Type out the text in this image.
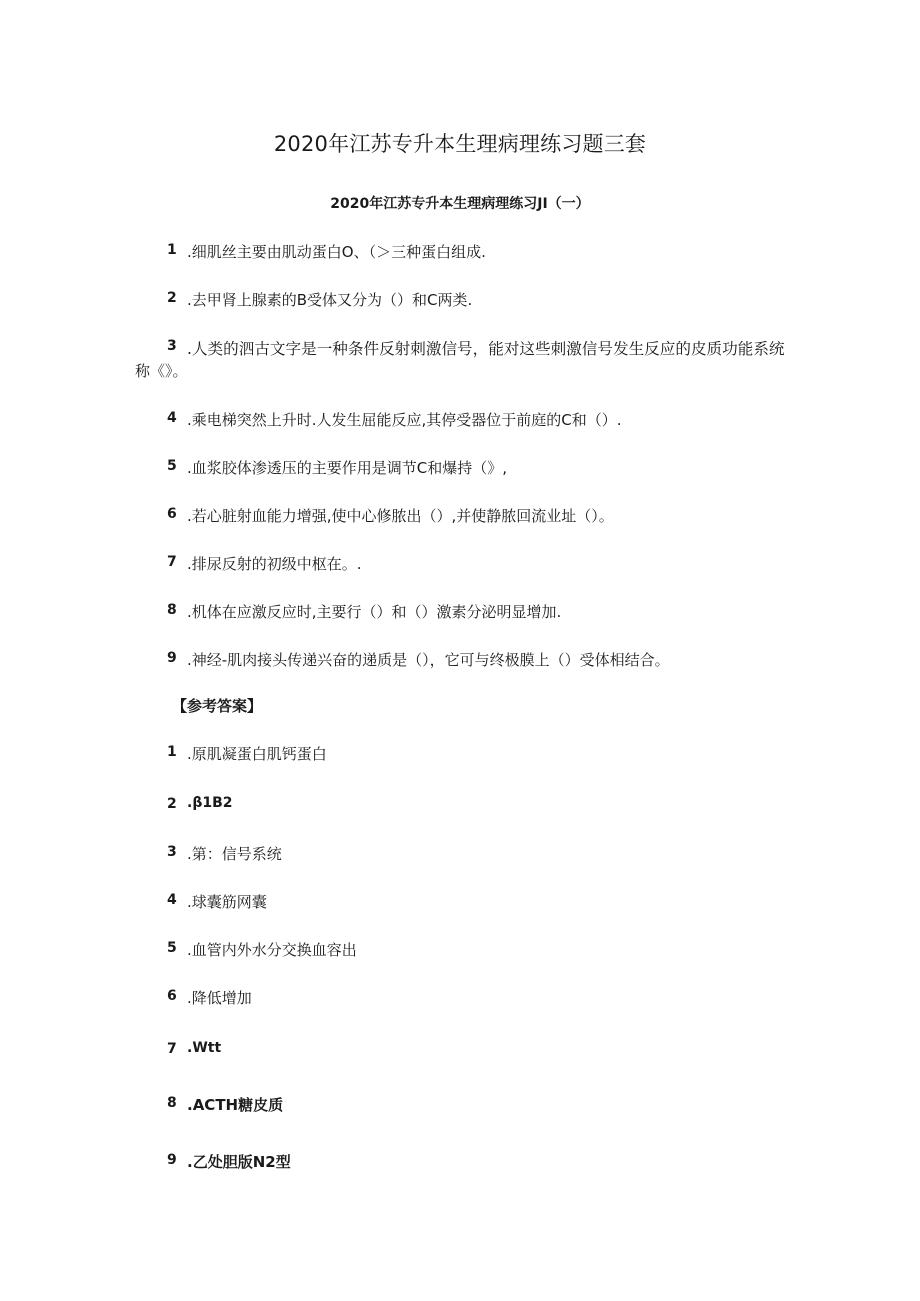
2020年江苏专升本生理病理练习题三套
2020年江苏专升本生理病理练习JI（一）
1 .细肌丝主要由肌动蛋白O、（＞三种蛋白组成.
2 .去甲肾上腺素的B受体又分为（）和C两类.
3 .人类的泗古文字是一种条件反射刺激信号，能对这些刺激信号发生反应的皮质功能系统
称《》。
4 .乘电梯突然上升时.人发生屈能反应,其停受器位于前庭的C和（）.
5 .血浆胶体渗透压的主要作用是调节C和爆持（》,
6 .若心脏射血能力增强,使中心修脓出（）,并使静脓回流业址（）。
7 .排尿反射的初级中枢在。.
8 .机体在应激反应时,主要行（）和（）激素分泌明显增加.
9 .神经-肌肉接头传递兴奋的递质是（），它可与终极膜上（）受体相结合。
【参考答案】
1 .原肌凝蛋白肌钙蛋白
2 .β1B2
3 .第：信号系统
4 .球囊筋网囊
5 .血管内外水分交换血容出
6 .降低增加
7 .Wtt
8 .ACTH糖皮质
9 .乙处胆版N2型
